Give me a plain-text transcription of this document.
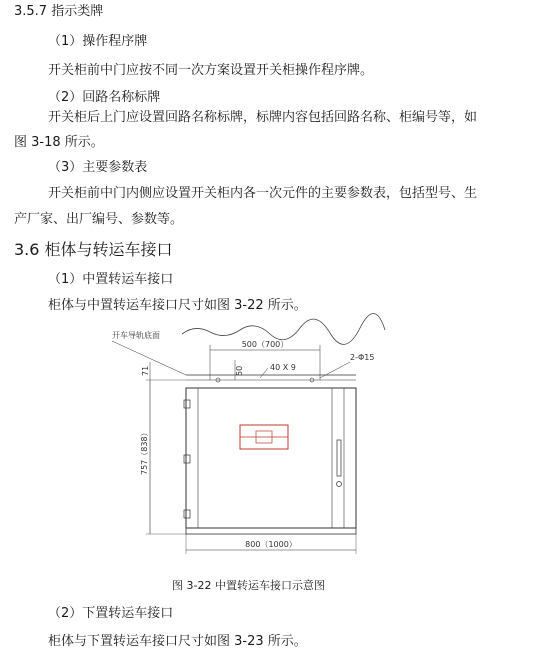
3.5.7 指示类牌
（1）操作程序牌
开关柜前中门应按不同一次方案设置开关柜操作程序牌。
（2）回路名称标牌
开关柜后上门应设置回路名称标牌，标牌内容包括回路名称、柜编号等，如
图 3-18 所示。
（3）主要参数表
开关柜前中门内侧应设置开关柜内各一次元件的主要参数表，包括型号、生
产厂家、出厂编号、参数等。
3.6 柜体与转运车接口
（1）中置转运车接口
柜体与中置转运车接口尺寸如图 3-22 所示。
500（700）
开车导轨底面
2-Φ15
40 X 9
50
71
757（838）
800（1000）
图 3-22 中置转运车接口示意图
（2）下置转运车接口
柜体与下置转运车接口尺寸如图 3-23 所示。
